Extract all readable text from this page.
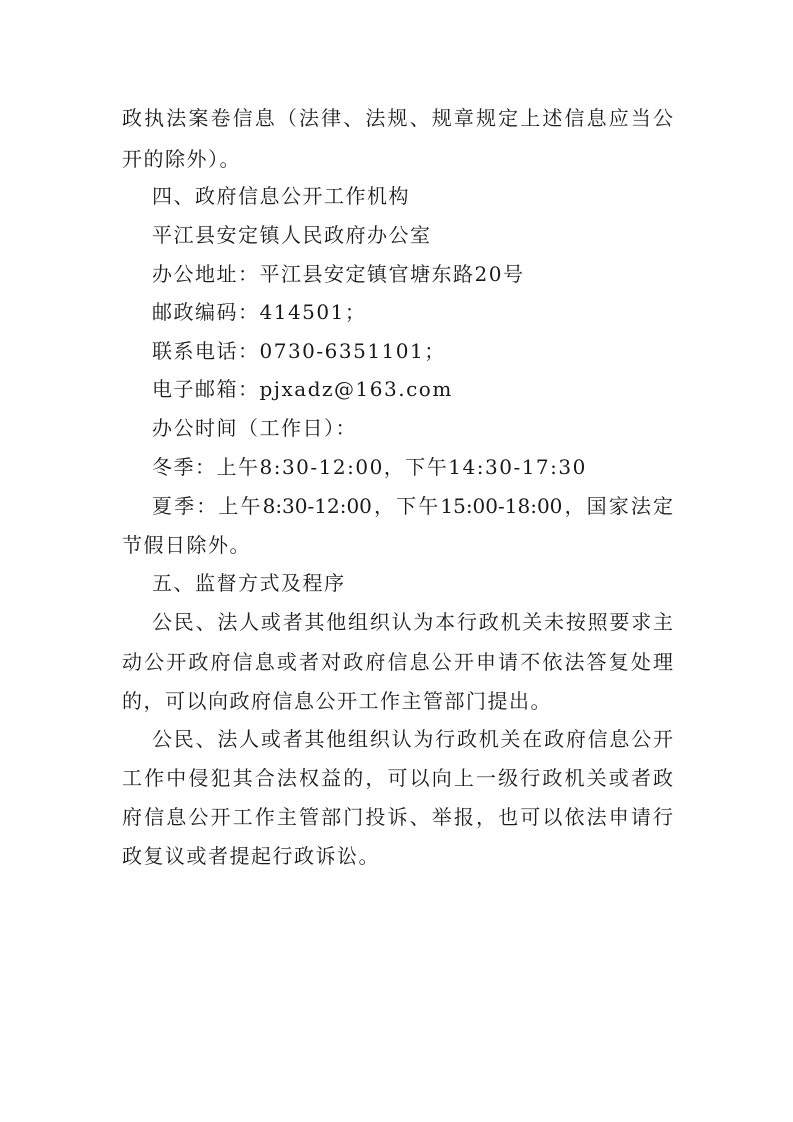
政执法案卷信息（法律、法规、规章规定上述信息应当公
开的除外）。
四、政府信息公开工作机构
平江县安定镇人民政府办公室
办公地址：平江县安定镇官塘东路20号
邮政编码：414501；
联系电话：0730-6351101；
电子邮箱：pjxadz@163.com
办公时间（工作日）：
冬季：上午8:30-12:00，下午14:30-17:30
夏季：上午8:30-12:00，下午15:00-18:00，国家法定
节假日除外。
五、监督方式及程序
公民、法人或者其他组织认为本行政机关未按照要求主
动公开政府信息或者对政府信息公开申请不依法答复处理
的，可以向政府信息公开工作主管部门提出。
公民、法人或者其他组织认为行政机关在政府信息公开
工作中侵犯其合法权益的，可以向上一级行政机关或者政
府信息公开工作主管部门投诉、举报，也可以依法申请行
政复议或者提起行政诉讼。
